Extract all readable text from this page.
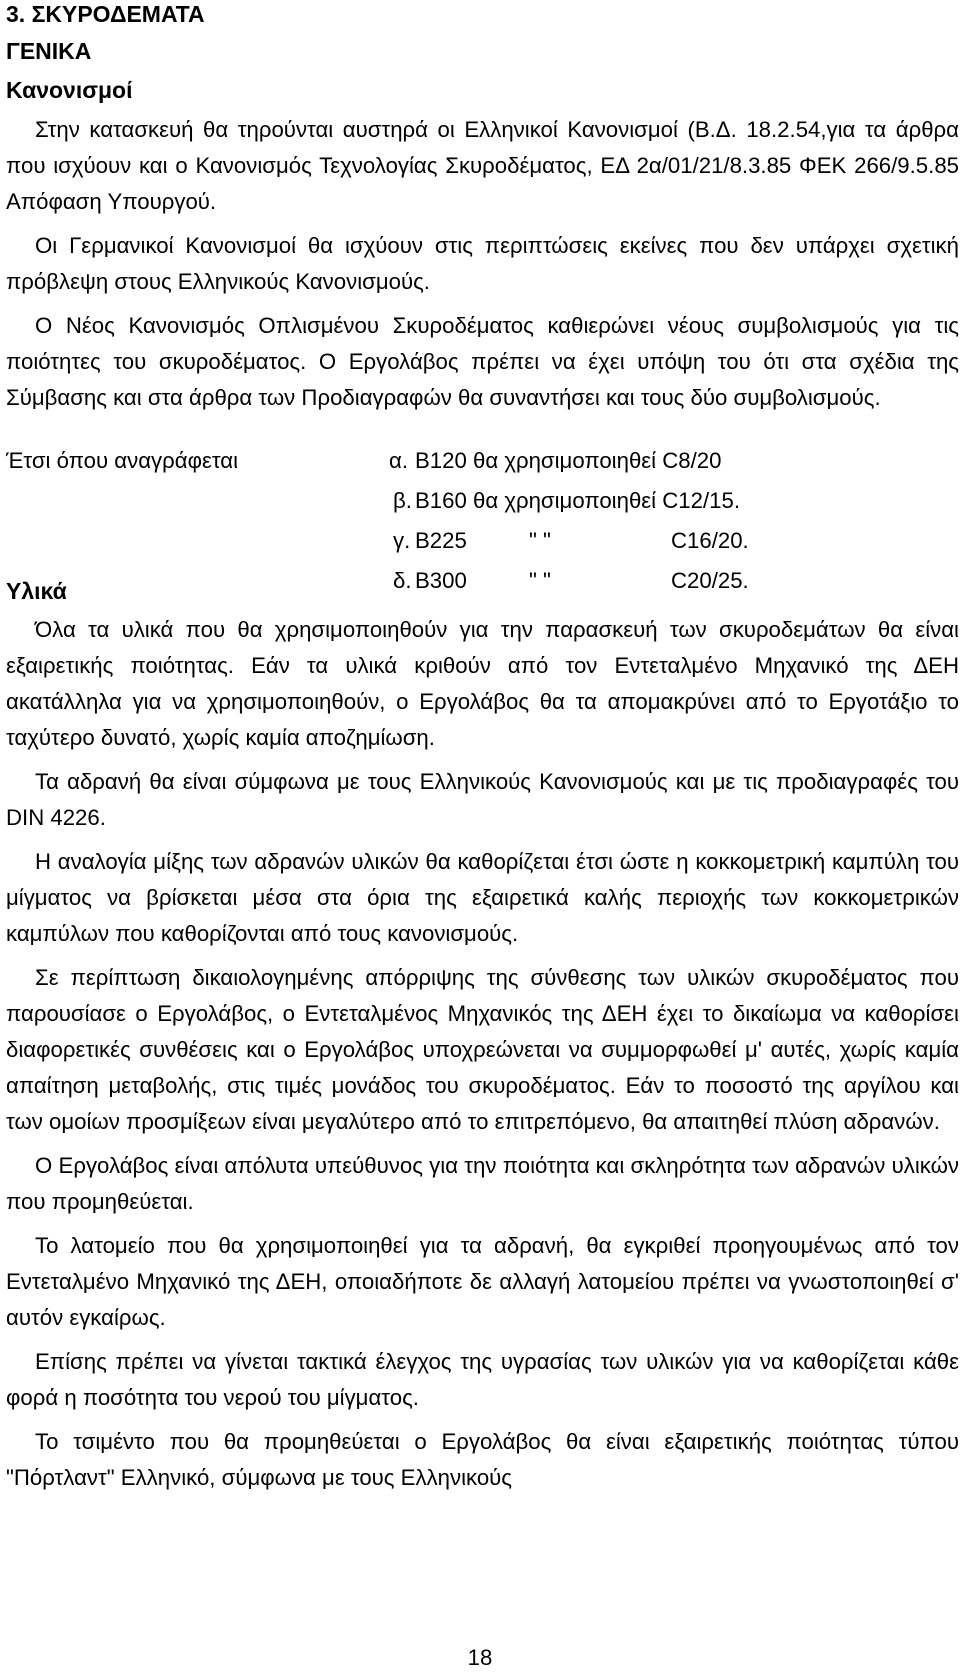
3. ΣΚΥΡΟΔΕΜΑΤΑ
ΓΕΝΙΚΑ
Κανονισμοί

Στην κατασκευή θα τηρούνται αυστηρά οι Ελληνικοί Κανονισμοί (Β.Δ. 18.2.54,για τα άρθρα που ισχύουν και ο Κανονισμός Τεχνολογίας Σκυροδέματος, ΕΔ 2α/01/21/8.3.85 ΦΕΚ 266/9.5.85 Απόφαση Υπουργού.

Οι Γερμανικοί Κανονισμοί θα ισχύουν στις περιπτώσεις εκείνες που δεν υπάρχει σχετική πρόβλεψη στους Ελληνικούς Κανονισμούς.

Ο Νέος Κανονισμός Οπλισμένου Σκυροδέματος καθιερώνει νέους συμβολισμούς για τις ποιότητες του σκυροδέματος. Ο Εργολάβος πρέπει να έχει υπόψη του ότι στα σχέδια της Σύμβασης και στα άρθρα των Προδιαγραφών θα συναντήσει και τους δύο συμβολισμούς.

Έτσι όπου αναγράφεται	α. B120 θα χρησιμοποιηθεί C8/20
β. B160 θα χρησιμοποιηθεί C12/15.
γ. B225	" "	C16/20.
δ. B300	" "	C20/25.
Υλικά

Όλα τα υλικά που θα χρησιμοποιηθούν για την παρασκευή των σκυροδεμάτων θα είναι εξαιρετικής ποιότητας. Εάν τα υλικά κριθούν από τον Εντεταλμένο Μηχανικό της ΔΕΗ ακατάλληλα για να χρησιμοποιηθούν, ο Εργολάβος θα τα απομακρύνει από το Εργοτάξιο το ταχύτερο δυνατό, χωρίς καμία αποζημίωση.

Τα αδρανή θα είναι σύμφωνα με τους Ελληνικούς Κανονισμούς και με τις προδιαγραφές του DIN 4226.

Η αναλογία μίξης των αδρανών υλικών θα καθορίζεται έτσι ώστε η κοκκομετρική καμπύλη του μίγματος να βρίσκεται μέσα στα όρια της εξαιρετικά καλής περιοχής των κοκκομετρικών καμπύλων που καθορίζονται από τους κανονισμούς.

Σε περίπτωση δικαιολογημένης απόρριψης της σύνθεσης των υλικών σκυροδέματος που παρουσίασε ο Εργολάβος, ο Εντεταλμένος Μηχανικός της ΔΕΗ έχει το δικαίωμα να καθορίσει διαφορετικές συνθέσεις και ο Εργολάβος υποχρεώνεται να συμμορφωθεί μ' αυτές, χωρίς καμία απαίτηση μεταβολής, στις τιμές μονάδος του σκυροδέματος. Εάν το ποσοστό της αργίλου και των ομοίων προσμίξεων είναι μεγαλύτερο από το επιτρεπόμενο, θα απαιτηθεί πλύση αδρανών.

Ο Εργολάβος είναι απόλυτα υπεύθυνος για την ποιότητα και σκληρότητα των αδρανών υλικών που προμηθεύεται.

Το λατομείο που θα χρησιμοποιηθεί για τα αδρανή, θα εγκριθεί προηγουμένως από τον Εντεταλμένο Μηχανικό της ΔΕΗ, οποιαδήποτε δε αλλαγή λατομείου πρέπει να γνωστοποιηθεί σ' αυτόν εγκαίρως.

Επίσης πρέπει να γίνεται τακτικά έλεγχος της υγρασίας των υλικών για να καθορίζεται κάθε φορά η ποσότητα του νερού του μίγματος.

Το τσιμέντο που θα προμηθεύεται ο Εργολάβος θα είναι εξαιρετικής ποιότητας τύπου "Πόρτλαντ" Ελληνικό, σύμφωνα με τους Ελληνικούς

18
